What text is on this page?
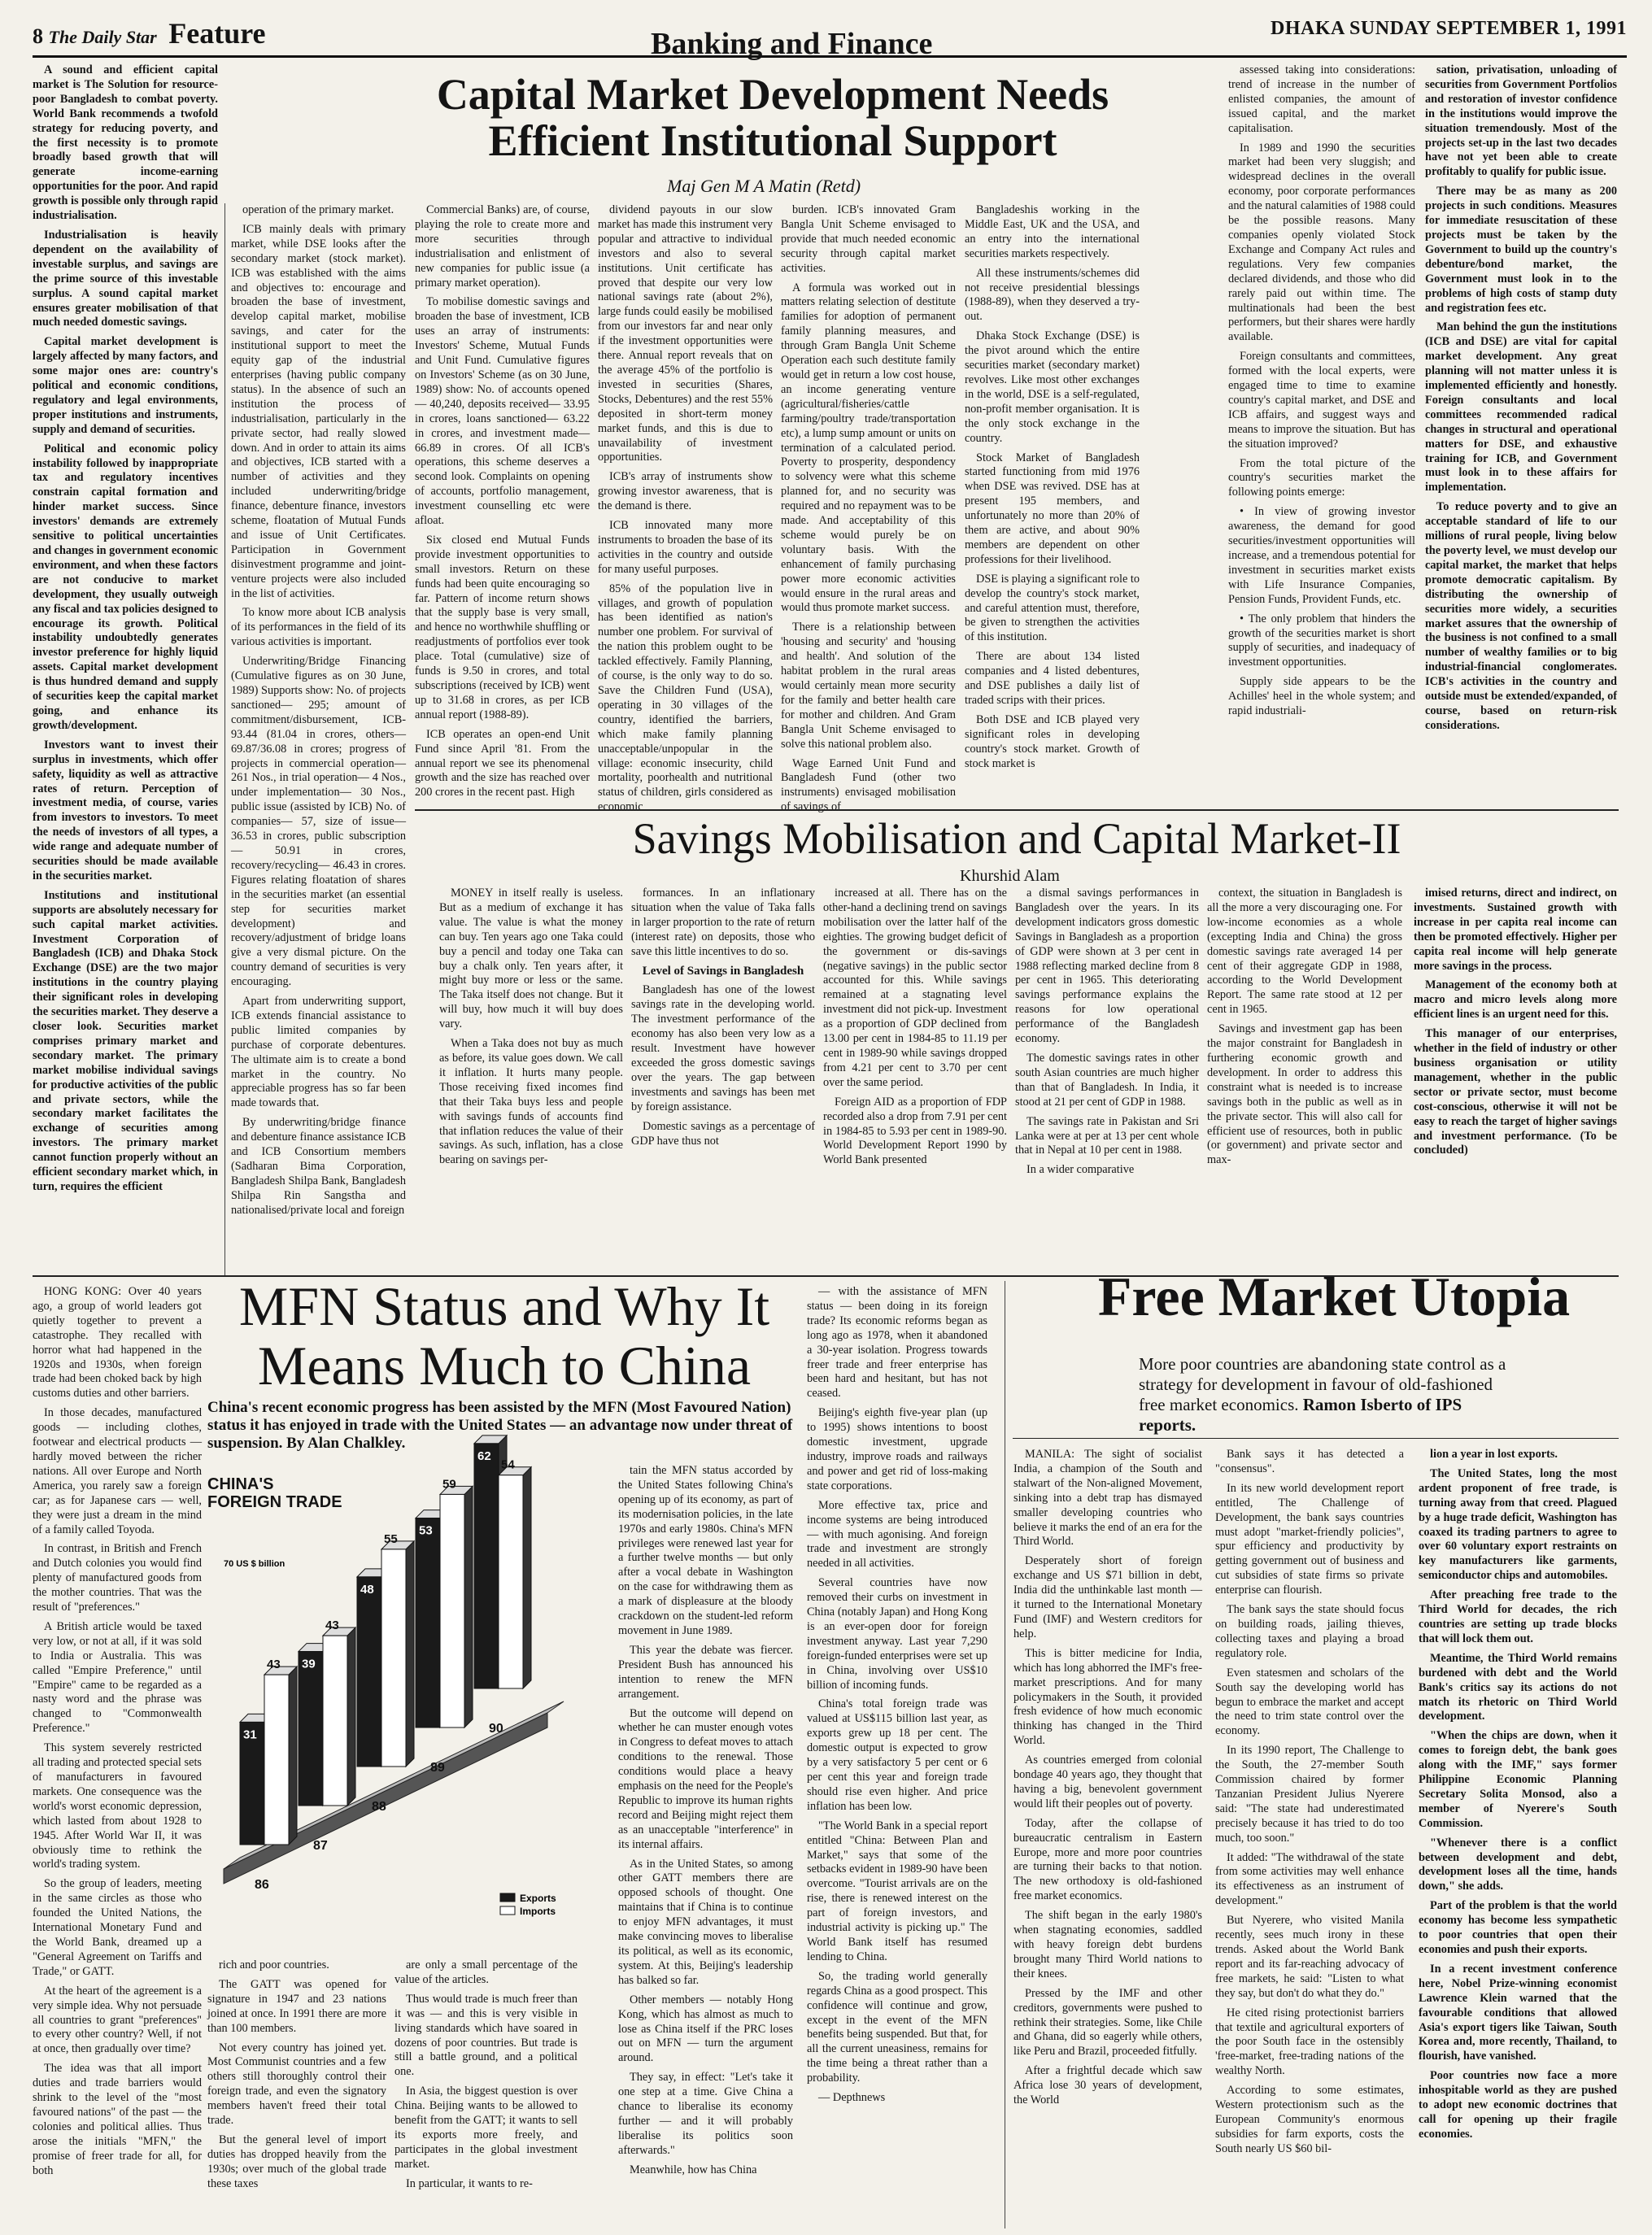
8 The Daily Star Feature	Banking and Finance	DHAKA SUNDAY SEPTEMBER 1, 1991
Capital Market Development Needs
Efficient Institutional Support
Maj Gen M A Matin (Retd)

A sound and efficient capital market is The Solution for resource-poor Bangladesh to combat poverty. World Bank recommends a twofold strategy for reducing poverty, and the first necessity is to promote broadly based growth that will generate income-earning opportunities for the poor. And rapid growth is possible only through rapid industrialisation.

Industrialisation is heavily dependent on the availability of investable surplus, and savings are the prime source of this investable surplus. A sound capital market ensures greater mobilisation of that much needed domestic savings.

Capital market development is largely affected by many factors, and some major ones are: country's political and economic conditions, regulatory and legal environments, proper institutions and instruments, supply and demand of securities.

Political and economic policy instability followed by inappropriate tax and regulatory incentives constrain capital formation and hinder market success. Since investors' demands are extremely sensitive to political uncertainties and changes in government economic environment, and when these factors are not conducive to market development, they usually outweigh any fiscal and tax policies designed to encourage its growth. Political instability undoubtedly generates investor preference for highly liquid assets. Capital market development is thus hundred demand and supply of securities keep the capital market going, and enhance its growth/development.

Investors want to invest their surplus in investments, which offer safety, liquidity as well as attractive rates of return. Perception of investment media, of course, varies from investors to investors. To meet the needs of investors of all types, a wide range and adequate number of securities should be made available in the securities market.

Institutions and institutional supports are absolutely necessary for such capital market activities. Investment Corporation of Bangladesh (ICB) and Dhaka Stock Exchange (DSE) are the two major institutions in the country playing their significant roles in developing the securities market. They deserve a closer look. Securities market comprises primary market and secondary market. The primary market mobilise individual savings for productive activities of the public and private sectors, while the secondary market facilitates the exchange of securities among investors. The primary market cannot function properly without an efficient secondary market which, in turn, requires the efficient

operation of the primary market.

ICB mainly deals with primary market, while DSE looks after the secondary market (stock market). ICB was established with the aims and objectives to: encourage and broaden the base of investment, develop capital market, mobilise savings, and cater for the institutional support to meet the equity gap of the industrial enterprises (having public company status). In the absence of such an institution the process of industrialisation, particularly in the private sector, had really slowed down. And in order to attain its aims and objectives, ICB started with a number of activities and they included underwriting/bridge finance, debenture finance, investors scheme, floatation of Mutual Funds and issue of Unit Certificates. Participation in Government disinvestment programme and joint-venture projects were also included in the list of activities.

To know more about ICB analysis of its performances in the field of its various activities is important.

Underwriting/Bridge Financing (Cumulative figures as on 30 June, 1989) Supports show: No. of projects sanctioned— 295; amount of commitment/disbursement, ICB-93.44 (81.04 in crores, others— 69.87/36.08 in crores; progress of projects in commercial operation— 261 Nos., in trial operation— 4 Nos., under implementation— 30 Nos., public issue (assisted by ICB) No. of companies— 57, size of issue— 36.53 in crores, public subscription— 50.91 in crores, recovery/recycling— 46.43 in crores. Figures relating floatation of shares in the securities market (an essential step for securities market development) and recovery/adjustment of bridge loans give a very dismal picture. On the country demand of securities is very encouraging.

Apart from underwriting support, ICB extends financial assistance to public limited companies by purchase of corporate debentures. The ultimate aim is to create a bond market in the country. No appreciable progress has so far been made towards that.

By underwriting/bridge finance and debenture finance assistance ICB and ICB Consortium members (Sadharan Bima Corporation, Bangladesh Shilpa Bank, Bangladesh Shilpa Rin Sangstha and nationalised/private local and foreign

Commercial Banks) are, of course, playing the role to create more and more securities through industrialisation and enlistment of new companies for public issue (a primary market operation).

To mobilise domestic savings and broaden the base of investment, ICB uses an array of instruments: Investors' Scheme, Mutual Funds and Unit Fund. Cumulative figures on Investors' Scheme (as on 30 June, 1989) show: No. of accounts opened— 40,240, deposits received— 33.95 in crores, loans sanctioned— 63.22 in crores, and investment made— 66.89 in crores. Of all ICB's operations, this scheme deserves a second look. Complaints on opening of accounts, portfolio management, investment counselling etc were afloat.

Six closed end Mutual Funds provide investment opportunities to small investors. Return on these funds had been quite encouraging so far. Pattern of income return shows that the supply base is very small, and hence no worthwhile shuffling or readjustments of portfolios ever took place. Total (cumulative) size of funds is 9.50 in crores, and total subscriptions (received by ICB) went up to 31.68 in crores, as per ICB annual report (1988-89).

ICB operates an open-end Unit Fund since April '81. From the annual report we see its phenomenal growth and the size has reached over 200 crores in the recent past. High

dividend payouts in our slow market has made this instrument very popular and attractive to individual investors and also to several institutions. Unit certificate has proved that despite our very low national savings rate (about 2%), large funds could easily be mobilised from our investors far and near only if the investment opportunities were there. Annual report reveals that on the average 45% of the portfolio is invested in securities (Shares, Stocks, Debentures) and the rest 55% deposited in short-term money market funds, and this is due to unavailability of investment opportunities.

ICB's array of instruments show growing investor awareness, that is the demand is there.

ICB innovated many more instruments to broaden the base of its activities in the country and outside for many useful purposes.

85% of the population live in villages, and growth of population has been identified as nation's number one problem. For survival of the nation this problem ought to be tackled effectively. Family Planning, of course, is the only way to do so. Save the Children Fund (USA), operating in 30 villages of the country, identified the barriers, which make family planning unacceptable/unpopular in the village: economic insecurity, child mortality, poorhealth and nutritional status of children, girls considered as economic

burden. ICB's innovated Gram Bangla Unit Scheme envisaged to provide that much needed economic security through capital market activities.

A formula was worked out in matters relating selection of destitute families for adoption of permanent family planning measures, and through Gram Bangla Unit Scheme Operation each such destitute family would get in return a low cost house, an income generating venture (agricultural/fisheries/cattle farming/poultry trade/transportation etc), a lump sump amount or units on termination of a calculated period. Poverty to prosperity, despondency to solvency were what this scheme planned for, and no security was required and no repayment was to be made. And acceptability of this scheme would purely be on voluntary basis. With the enhancement of family purchasing power more economic activities would ensure in the rural areas and would thus promote market success.

There is a relationship between 'housing and security' and 'housing and health'. And solution of the habitat problem in the rural areas would certainly mean more security for the family and better health care for mother and children. And Gram Bangla Unit Scheme envisaged to solve this national problem also.

Wage Earned Unit Fund and Bangladesh Fund (other two instruments) envisaged mobilisation of savings of

Bangladeshis working in the Middle East, UK and the USA, and an entry into the international securities markets respectively.

All these instruments/schemes did not receive presidential blessings (1988-89), when they deserved a try-out.

Dhaka Stock Exchange (DSE) is the pivot around which the entire securities market (secondary market) revolves. Like most other exchanges in the world, DSE is a self-regulated, non-profit member organisation. It is the only stock exchange in the country.

Stock Market of Bangladesh started functioning from mid 1976 when DSE was revived. DSE has at present 195 members, and unfortunately no more than 20% of them are active, and about 90% members are dependent on other professions for their livelihood.

DSE is playing a significant role to develop the country's stock market, and careful attention must, therefore, be given to strengthen the activities of this institution.

There are about 134 listed companies and 4 listed debentures, and DSE publishes a daily list of traded scrips with their prices.

Both DSE and ICB played very significant roles in developing country's stock market. Growth of stock market is

assessed taking into considerations: trend of increase in the number of enlisted companies, the amount of issued capital, and the market capitalisation.

In 1989 and 1990 the securities market had been very sluggish; and widespread declines in the overall economy, poor corporate performances and the natural calamities of 1988 could be the possible reasons. Many companies openly violated Stock Exchange and Company Act rules and regulations. Very few companies declared dividends, and those who did rarely paid out within time. The multinationals had been the best performers, but their shares were hardly available.

Foreign consultants and committees, formed with the local experts, were engaged time to time to examine country's capital market, and DSE and ICB affairs, and suggest ways and means to improve the situation. But has the situation improved?

From the total picture of the country's securities market the following points emerge:

• In view of growing investor awareness, the demand for good securities/investment opportunities will increase, and a tremendous potential for investment in securities market exists with Life Insurance Companies, Pension Funds, Provident Funds, etc.

• The only problem that hinders the growth of the securities market is short supply of securities, and inadequacy of investment opportunities.

Supply side appears to be the Achilles' heel in the whole system; and rapid industriali-

sation, privatisation, unloading of securities from Government Portfolios and restoration of investor confidence in the institutions would improve the situation tremendously. Most of the projects set-up in the last two decades have not yet been able to create profitably to qualify for public issue.

There may be as many as 200 projects in such conditions. Measures for immediate resuscitation of these projects must be taken by the Government to build up the country's debenture/bond market, the Government must look in to the problems of high costs of stamp duty and registration fees etc.

Man behind the gun the institutions (ICB and DSE) are vital for capital market development. Any great planning will not matter unless it is implemented efficiently and honestly. Foreign consultants and local committees recommended radical changes in structural and operational matters for DSE, and exhaustive training for ICB, and Government must look in to these affairs for implementation.

To reduce poverty and to give an acceptable standard of life to our millions of rural people, living below the poverty level, we must develop our capital market, the market that helps promote democratic capitalism. By distributing the ownership of securities more widely, a securities market assures that the ownership of the business is not confined to a small number of wealthy families or to big industrial-financial conglomerates. ICB's activities in the country and outside must be extended/expanded, of course, based on return-risk considerations.

Savings Mobilisation and Capital Market-II
Khurshid Alam

MONEY in itself really is useless. But as a medium of exchange it has value. The value is what the money can buy. Ten years ago one Taka could buy a pencil and today one Taka can buy a chalk only. Ten years after, it might buy more or less or the same. The Taka itself does not change. But it will buy, how much it will buy does vary.

When a Taka does not buy as much as before, its value goes down. We call it inflation. It hurts many people. Those receiving fixed incomes find that their Taka buys less and people with savings funds of accounts find that inflation reduces the value of their savings. As such, inflation, has a close bearing on savings per-

formances. In an inflationary situation when the value of Taka falls in larger proportion to the rate of return (interest rate) on deposits, those who save this little incentives to do so.

Level of Savings in Bangladesh

Bangladesh has one of the lowest savings rate in the developing world. The investment performance of the economy has also been very low as a result. Investment have however exceeded the gross domestic savings over the years. The gap between investments and savings has been met by foreign assistance.

Domestic savings as a percentage of GDP have thus not

increased at all. There has on the other-hand a declining trend on savings mobilisation over the latter half of the eighties. The growing budget deficit of the government or dis-savings (negative savings) in the public sector accounted for this. While savings remained at a stagnating level investment did not pick-up. Investment as a proportion of GDP declined from 13.00 per cent in 1984-85 to 11.19 per cent in 1989-90 while savings dropped from 4.21 per cent to 3.70 per cent over the same period.

Foreign AID as a proportion of FDP recorded also a drop from 7.91 per cent in 1984-85 to 5.93 per cent in 1989-90. World Development Report 1990 by World Bank presented

a dismal savings performances in Bangladesh over the years. In its development indicators gross domestic Savings in Bangladesh as a proportion of GDP were shown at 3 per cent in 1988 reflecting marked decline from 8 per cent in 1965. This deteriorating savings performance explains the reasons for low operational performance of the Bangladesh economy.

The domestic savings rates in other south Asian countries are much higher than that of Bangladesh. In India, it stood at 21 per cent of GDP in 1988.

The savings rate in Pakistan and Sri Lanka were at per at 13 per cent whole that in Nepal at 10 per cent in 1988.

In a wider comparative

context, the situation in Bangladesh is all the more a very discouraging one. For low-income economies as a whole (excepting India and China) the gross domestic savings rate averaged 14 per cent of their aggregate GDP in 1988, according to the World Development Report. The same rate stood at 12 per cent in 1965.

Savings and investment gap has been the major constraint for Bangladesh in furthering economic growth and development. In order to address this constraint what is needed is to increase savings both in the public as well as in the private sector. This will also call for efficient use of resources, both in public (or government) and private sector and max-

imised returns, direct and indirect, on investments. Sustained growth with increase in per capita real income can then be promoted effectively. Higher per capita real income will help generate more savings in the process.

Management of the economy both at macro and micro levels along more efficient lines is an urgent need for this.

This manager of our enterprises, whether in the field of industry or other business organisation or utility management, whether in the public sector or private sector, must become cost-conscious, otherwise it will not be easy to reach the target of higher savings and investment performance. (To be concluded)

HONG KONG: Over 40 years ago, a group of world leaders got quietly together to prevent a catastrophe. They recalled with horror what had happened in the 1920s and 1930s, when foreign trade had been choked back by high customs duties and other barriers.

In those decades, manufactured goods — including clothes, footwear and electrical products — hardly moved between the richer nations. All over Europe and North America, you rarely saw a foreign car; as for Japanese cars — well, they were just a dream in the mind of a family called Toyoda.

In contrast, in British and French and Dutch colonies you would find plenty of manufactured goods from the mother countries. That was the result of "preferences."

A British article would be taxed very low, or not at all, if it was sold to India or Australia. This was called "Empire Preference," until "Empire" came to be regarded as a nasty word and the phrase was changed to "Commonwealth Preference."

This system severely restricted all trading and protected special sets of manufacturers in favoured markets. One consequence was the world's worst economic depression, which lasted from about 1928 to 1945. After World War II, it was obviously time to rethink the world's trading system.

So the group of leaders, meeting in the same circles as those who founded the United Nations, the International Monetary Fund and the World Bank, dreamed up a "General Agreement on Tariffs and Trade," or GATT.

At the heart of the agreement is a very simple idea. Why not persuade all countries to grant "preferences" to every other country? Well, if not at once, then gradually over time?

The idea was that all import duties and trade barriers would shrink to the level of the "most favoured nations" of the past — the colonies and political allies. Thus arose the initials "MFN," the promise of freer trade for all, for both

MFN Status and Why It
Means Much to China
China's recent economic progress has been assisted by the MFN (Most Favoured Nation) status it has enjoyed in trade with the United States — an advantage now under threat of suspension. By Alan Chalkley.
CHINA'S
FOREIGN TRADE
70 US $ billion
31
43
86
39
43
87
48
55
88
53
59
89
62
54
90
Exports
Imports

rich and poor countries.

The GATT was opened for signature in 1947 and 23 nations joined at once. In 1991 there are more than 100 members.

Not every country has joined yet. Most Communist countries and a few others still thoroughly control their foreign trade, and even the signatory members haven't freed their total trade.

But the general level of import duties has dropped heavily from the 1930s; over much of the global trade these taxes

are only a small percentage of the value of the articles.

Thus would trade is much freer than it was — and this is very visible in living standards which have soared in dozens of poor countries. But trade is still a battle ground, and a political one.

In Asia, the biggest question is over China. Beijing wants to be allowed to benefit from the GATT; it wants to sell its exports more freely, and participates in the global investment market.

In particular, it wants to re-

tain the MFN status accorded by the United States following China's opening up of its economy, as part of its modernisation policies, in the late 1970s and early 1980s. China's MFN privileges were renewed last year for a further twelve months — but only after a vocal debate in Washington on the case for withdrawing them as a mark of displeasure at the bloody crackdown on the student-led reform movement in June 1989.

This year the debate was fiercer. President Bush has announced his intention to renew the MFN arrangement.

But the outcome will depend on whether he can muster enough votes in Congress to defeat moves to attach conditions to the renewal. Those conditions would place a heavy emphasis on the need for the People's Republic to improve its human rights record and Beijing might reject them as an unacceptable "interference" in its internal affairs.

As in the United States, so among other GATT members there are opposed schools of thought. One maintains that if China is to continue to enjoy MFN advantages, it must make convincing moves to liberalise its political, as well as its economic, system. At this, Beijing's leadership has balked so far.

Other members — notably Hong Kong, which has almost as much to lose as China itself if the PRC loses out on MFN — turn the argument around.

They say, in effect: "Let's take it one step at a time. Give China a chance to liberalise its economy further — and it will probably liberalise its politics soon afterwards."

Meanwhile, how has China

— with the assistance of MFN status — been doing in its foreign trade? Its economic reforms began as long ago as 1978, when it abandoned a 30-year isolation. Progress towards freer trade and freer enterprise has been hard and hesitant, but has not ceased.

Beijing's eighth five-year plan (up to 1995) shows intentions to boost domestic investment, upgrade industry, improve roads and railways and power and get rid of loss-making state corporations.

More effective tax, price and income systems are being introduced — with much agonising. And foreign trade and investment are strongly needed in all activities.

Several countries have now removed their curbs on investment in China (notably Japan) and Hong Kong is an ever-open door for foreign investment anyway. Last year 7,290 foreign-funded enterprises were set up in China, involving over US$10 billion of incoming funds.

China's total foreign trade was valued at US$115 billion last year, as exports grew up 18 per cent. The domestic output is expected to grow by a very satisfactory 5 per cent or 6 per cent this year and foreign trade should rise even higher. And price inflation has been low.

"The World Bank in a special report entitled "China: Between Plan and Market," says that some of the setbacks evident in 1989-90 have been overcome. "Tourist arrivals are on the rise, there is renewed interest on the part of foreign investors, and industrial activity is picking up." The World Bank itself has resumed lending to China.

So, the trading world generally regards China as a good prospect. This confidence will continue and grow, except in the event of the MFN benefits being suspended. But that, for all the current uneasiness, remains for the time being a threat rather than a probability.

— Depthnews

Free Market Utopia
More poor countries are abandoning state control as a strategy for development in favour of old-fashioned free market economics. Ramon Isberto of IPS reports.

MANILA: The sight of socialist India, a champion of the South and stalwart of the Non-aligned Movement, sinking into a debt trap has dismayed smaller developing countries who believe it marks the end of an era for the Third World.

Desperately short of foreign exchange and US $71 billion in debt, India did the unthinkable last month — it turned to the International Monetary Fund (IMF) and Western creditors for help.

This is bitter medicine for India, which has long abhorred the IMF's free-market prescriptions. And for many policymakers in the South, it provided fresh evidence of how much economic thinking has changed in the Third World.

As countries emerged from colonial bondage 40 years ago, they thought that having a big, benevolent government would lift their peoples out of poverty.

Today, after the collapse of bureaucratic centralism in Eastern Europe, more and more poor countries are turning their backs to that notion. The new orthodoxy is old-fashioned free market economics.

The shift began in the early 1980's when stagnating economies, saddled with heavy foreign debt burdens brought many Third World nations to their knees.

Pressed by the IMF and other creditors, governments were pushed to rethink their strategies. Some, like Chile and Ghana, did so eagerly while others, like Peru and Brazil, proceeded fitfully.

After a frightful decade which saw Africa lose 30 years of development, the World

Bank says it has detected a "consensus".

In its new world development report entitled, The Challenge of Development, the bank says countries must adopt "market-friendly policies", spur efficiency and productivity by getting government out of business and cut subsidies of state firms so private enterprise can flourish.

The bank says the state should focus on building roads, jailing thieves, collecting taxes and playing a broad regulatory role.

Even statesmen and scholars of the South say the developing world has begun to embrace the market and accept the need to trim state control over the economy.

In its 1990 report, The Challenge to the South, the 27-member South Commission chaired by former Tanzanian President Julius Nyerere said: "The state had underestimated precisely because it has tried to do too much, too soon."

It added: "The withdrawal of the state from some activities may well enhance its effectiveness as an instrument of development."

But Nyerere, who visited Manila recently, sees much irony in these trends. Asked about the World Bank report and its far-reaching advocacy of free markets, he said: "Listen to what they say, but don't do what they do."

He cited rising protectionist barriers that textile and agricultural exporters of the poor South face in the ostensibly 'free-market, free-trading nations of the wealthy North.

According to some estimates, Western protectionism such as the European Community's enormous subsidies for farm exports, costs the South nearly US $60 bil-

lion a year in lost exports.

The United States, long the most ardent proponent of free trade, is turning away from that creed. Plagued by a huge trade deficit, Washington has coaxed its trading partners to agree to over 60 voluntary export restraints on key manufacturers like garments, semiconductor chips and automobiles.

After preaching free trade to the Third World for decades, the rich countries are setting up trade blocks that will lock them out.

Meantime, the Third World remains burdened with debt and the World Bank's critics say its actions do not match its rhetoric on Third World development.

"When the chips are down, when it comes to foreign debt, the bank goes along with the IMF," says former Philippine Economic Planning Secretary Solita Monsod, also a member of Nyerere's South Commission.

"Whenever there is a conflict between development and debt, development loses all the time, hands down," she adds.

Part of the problem is that the world economy has become less sympathetic to poor countries that open their economies and push their exports.

In a recent investment conference here, Nobel Prize-winning economist Lawrence Klein warned that the favourable conditions that allowed Asia's export tigers like Taiwan, South Korea and, more recently, Thailand, to flourish, have vanished.

Poor countries now face a more inhospitable world as they are pushed to adopt new economic doctrines that call for opening up their fragile economies.
